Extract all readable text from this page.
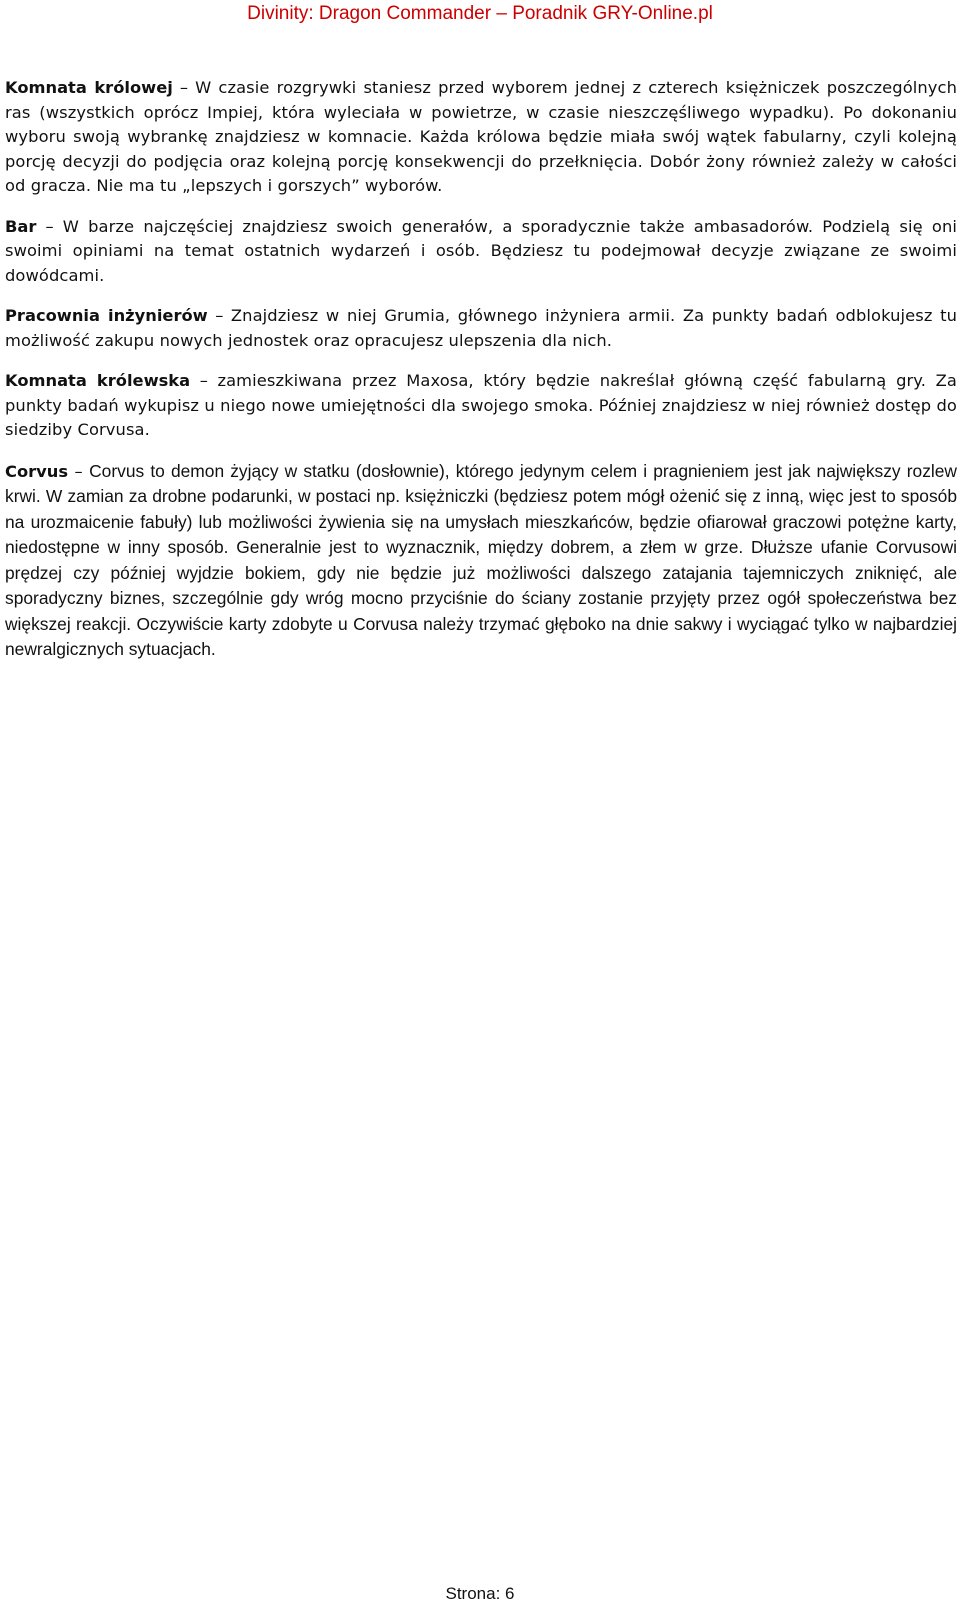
Divinity: Dragon Commander – Poradnik GRY-Online.pl

Komnata królowej – W czasie rozgrywki staniesz przed wyborem jednej z czterech księżniczek poszczególnych ras (wszystkich oprócz Impiej, która wyleciała w powietrze, w czasie nieszczęśliwego wypadku). Po dokonaniu wyboru swoją wybrankę znajdziesz w komnacie. Każda królowa będzie miała swój wątek fabularny, czyli kolejną porcję decyzji do podjęcia oraz kolejną porcję konsekwencji do przełknięcia. Dobór żony również zależy w całości od gracza. Nie ma tu „lepszych i gorszych” wyborów.

Bar – W barze najczęściej znajdziesz swoich generałów, a sporadycznie także ambasadorów. Podzielą się oni swoimi opiniami na temat ostatnich wydarzeń i osób. Będziesz tu podejmował decyzje związane ze swoimi dowódcami.

Pracownia inżynierów – Znajdziesz w niej Grumia, głównego inżyniera armii. Za punkty badań odblokujesz tu możliwość zakupu nowych jednostek oraz opracujesz ulepszenia dla nich.

Komnata królewska – zamieszkiwana przez Maxosa, który będzie nakreślał główną część fabularną gry. Za punkty badań wykupisz u niego nowe umiejętności dla swojego smoka. Później znajdziesz w niej również dostęp do siedziby Corvusa.

Corvus – Corvus to demon żyjący w statku (dosłownie), którego jedynym celem i pragnieniem jest jak największy rozlew krwi. W zamian za drobne podarunki, w postaci np. księżniczki (będziesz potem mógł ożenić się z inną, więc jest to sposób na urozmaicenie fabuły) lub możliwości żywienia się na umysłach mieszkańców, będzie ofiarował graczowi potężne karty, niedostępne w inny sposób. Generalnie jest to wyznacznik, między dobrem, a złem w grze. Dłuższe ufanie Corvusowi prędzej czy później wyjdzie bokiem, gdy nie będzie już możliwości dalszego zatajania tajemniczych zniknięć, ale sporadyczny biznes, szczególnie gdy wróg mocno przyciśnie do ściany zostanie przyjęty przez ogół społeczeństwa bez większej reakcji. Oczywiście karty zdobyte u Corvusa należy trzymać głęboko na dnie sakwy i wyciągać tylko w najbardziej newralgicznych sytuacjach.

Strona: 6
